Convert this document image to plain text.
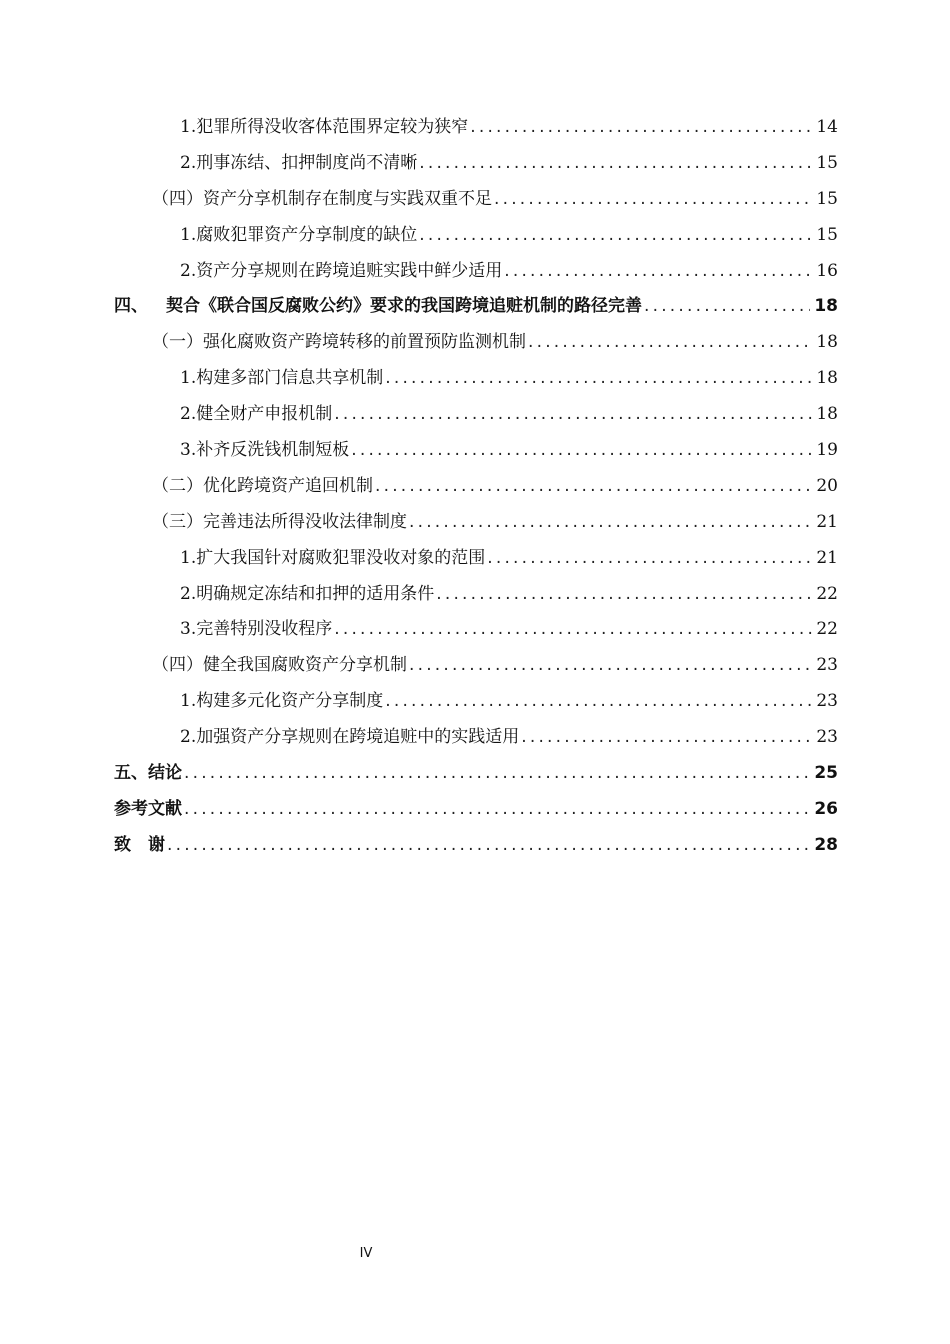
1. 犯罪所得没收客体范围界定较为狭窄 .....	14
2. 刑事冻结、扣押制度尚不清晰 .....	15
（四） 资产分享机制存在制度与实践双重不足 .....	15
1. 腐败犯罪资产分享制度的缺位 .....	15
2. 资产分享规则在跨境追赃实践中鲜少适用 .....	16
四、 契合《联合国反腐败公约》要求的我国跨境追赃机制的路径完善 .....	18
（一） 强化腐败资产跨境转移的前置预防监测机制 .....	18
1. 构建多部门信息共享机制 .....	18
2. 健全财产申报机制 .....	18
3. 补齐反洗钱机制短板 .....	19
（二） 优化跨境资产追回机制 .....	20
（三） 完善违法所得没收法律制度 .....	21
1. 扩大我国针对腐败犯罪没收对象的范围 .....	21
2. 明确规定冻结和扣押的适用条件 .....	22
3. 完善特别没收程序 .....	22
（四） 健全我国腐败资产分享机制 .....	23
1. 构建多元化资产分享制度 .....	23
2. 加强资产分享规则在跨境追赃中的实践适用 .....	23
五、 结论 .....	25
参考文献 .....	26
致　谢 .....	28
IV
